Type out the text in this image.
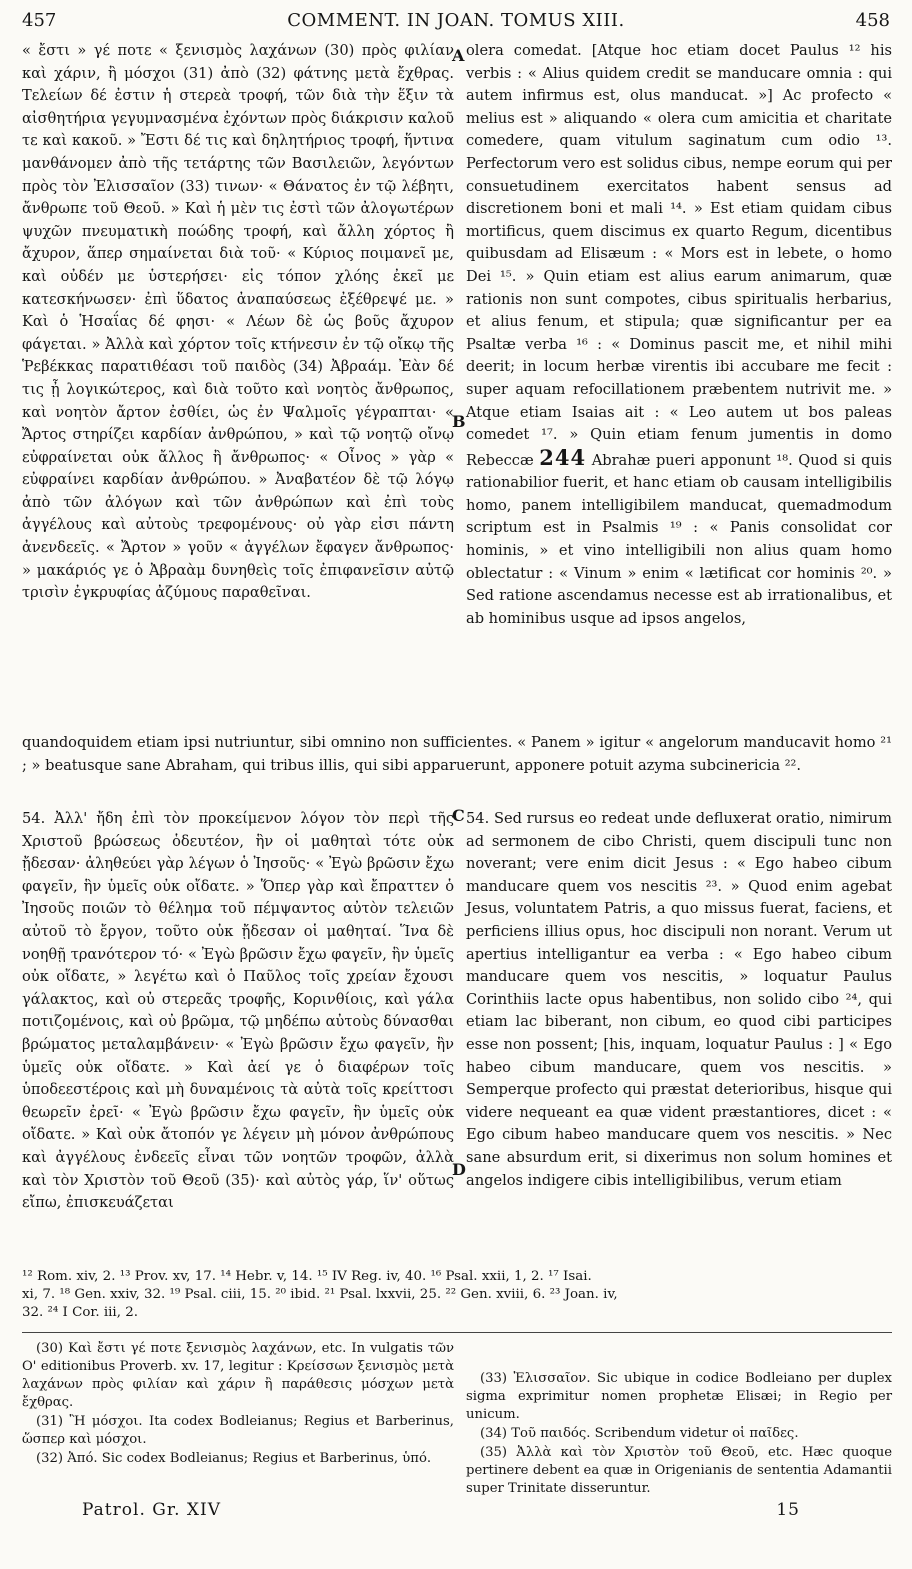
457	COMMENT. IN JOAN. TOMUS XIII.	458

« ἔστι » γέ ποτε « ξενισμὸς λαχάνων (30) πρὸς φιλίαν καὶ χάριν, ἢ μόσχοι (31) ἀπὸ (32) φάτνης μετὰ ἔχθρας. Τελείων δέ ἐστιν ἡ στερεὰ τροφή, τῶν διὰ τὴν ἕξιν τὰ αἰσθητήρια γεγυμνασμένα ἐχόντων πρὸς διάκρισιν καλοῦ τε καὶ κακοῦ. » Ἔστι δέ τις καὶ δηλητήριος τροφή, ἥντινα μανθάνομεν ἀπὸ τῆς τετάρτης τῶν Βασιλειῶν, λεγόντων πρὸς τὸν Ἐλισσαῖον (33) τινων· « Θάνατος ἐν τῷ λέβητι, ἄνθρωπε τοῦ Θεοῦ. » Καὶ ἡ μὲν τις ἐστὶ τῶν ἀλογωτέρων ψυχῶν πνευματικὴ ποώδης τροφή, καὶ ἄλλη χόρτος ἢ ἄχυρον, ἅπερ σημαίνεται διὰ τοῦ· « Κύριος ποιμανεῖ με, καὶ οὐδέν με ὑστερήσει· εἰς τόπον χλόης ἐκεῖ με κατεσκήνωσεν· ἐπὶ ὕδατος ἀναπαύσεως ἐξέθρεψέ με. » Καὶ ὁ Ἡσαΐας δέ φησι· « Λέων δὲ ὡς βοῦς ἄχυρον φάγεται. » Ἀλλὰ καὶ χόρτον τοῖς κτήνεσιν ἐν τῷ οἴκῳ τῆς Ῥεβέκκας παρατιθέασι τοῦ παιδὸς (34) Ἀβραάμ. Ἐὰν δέ τις ᾖ λογικώτερος, καὶ διὰ τοῦτο καὶ νοητὸς ἄνθρωπος, καὶ νοητὸν ἄρτον ἐσθίει, ὡς ἐν Ψαλμοῖς γέγραπται· « Ἄρτος στηρίζει καρδίαν ἀνθρώπου, » καὶ τῷ νοητῷ οἴνῳ εὐφραίνεται οὐκ ἄλλος ἢ ἄνθρωπος· « Οἶνος » γὰρ « εὐφραίνει καρδίαν ἀνθρώπου. » Ἀναβατέον δὲ τῷ λόγῳ ἀπὸ τῶν ἀλόγων καὶ τῶν ἀνθρώπων καὶ ἐπὶ τοὺς ἀγγέλους καὶ αὐτοὺς τρεφομένους· οὐ γὰρ εἰσι πάντη ἀνενδεεῖς. « Ἄρτον » γοῦν « ἀγγέλων ἔφαγεν ἄνθρωπος· » μακάριός γε ὁ Ἀβραὰμ δυνηθεὶς τοῖς ἐπιφανεῖσιν αὐτῷ τρισὶν ἐγκρυφίας ἀζύμους παραθεῖναι.

A
B

olera comedat. [Atque hoc etiam docet Paulus ¹² his verbis : « Alius quidem credit se manducare omnia : qui autem infirmus est, olus manducat. »] Ac profecto « melius est » aliquando « olera cum amicitia et charitate comedere, quam vitulum saginatum cum odio ¹³. Perfectorum vero est solidus cibus, nempe eorum qui per consuetudinem exercitatos habent sensus ad discretionem boni et mali ¹⁴. » Est etiam quidam cibus mortificus, quem discimus ex quarto Regum, dicentibus quibusdam ad Elisæum : « Mors est in lebete, o homo Dei ¹⁵. » Quin etiam est alius earum animarum, quæ rationis non sunt compotes, cibus spiritualis herbarius, et alius fenum, et stipula; quæ significantur per ea Psaltæ verba ¹⁶ : « Dominus pascit me, et nihil mihi deerit; in locum herbæ virentis ibi accubare me fecit : super aquam refocillationem præbentem nutrivit me. » Atque etiam Isaias ait : « Leo autem ut bos paleas comedet ¹⁷. » Quin etiam fenum jumentis in domo Rebeccæ 244 Abrahæ pueri apponunt ¹⁸. Quod si quis rationabilior fuerit, et hanc etiam ob causam intelligibilis homo, panem intelligibilem manducat, quemadmodum scriptum est in Psalmis ¹⁹ : « Panis consolidat cor hominis, » et vino intelligibili non alius quam homo oblectatur : « Vinum » enim « lætificat cor hominis ²⁰. » Sed ratione ascendamus necesse est ab irrationalibus, et ab hominibus usque ad ipsos angelos,

quandoquidem etiam ipsi nutriuntur, sibi omnino non sufficientes. « Panem » igitur « angelorum manducavit homo ²¹ ; » beatusque sane Abraham, qui tribus illis, qui sibi apparuerunt, apponere potuit azyma subcinericia ²².

C
D

54. Ἀλλ' ἤδη ἐπὶ τὸν προκείμενον λόγον τὸν περὶ τῆς Χριστοῦ βρώσεως ὁδευτέον, ἣν οἱ μαθηταὶ τότε οὐκ ᾔδεσαν· ἀληθεύει γὰρ λέγων ὁ Ἰησοῦς· « Ἐγὼ βρῶσιν ἔχω φαγεῖν, ἣν ὑμεῖς οὐκ οἴδατε. » Ὅπερ γὰρ καὶ ἔπραττεν ὁ Ἰησοῦς ποιῶν τὸ θέλημα τοῦ πέμψαντος αὐτὸν τελειῶν αὐτοῦ τὸ ἔργον, τοῦτο οὐκ ᾔδεσαν οἱ μαθηταί. Ἵνα δὲ νοηθῇ τρανότερον τό· « Ἐγὼ βρῶσιν ἔχω φαγεῖν, ἣν ὑμεῖς οὐκ οἴδατε, » λεγέτω καὶ ὁ Παῦλος τοῖς χρείαν ἔχουσι γάλακτος, καὶ οὐ στερεᾶς τροφῆς, Κορινθίοις, καὶ γάλα ποτιζομένοις, καὶ οὐ βρῶμα, τῷ μηδέπω αὐτοὺς δύνασθαι βρώματος μεταλαμβάνειν· « Ἐγὼ βρῶσιν ἔχω φαγεῖν, ἣν ὑμεῖς οὐκ οἴδατε. » Καὶ ἀεί γε ὁ διαφέρων τοῖς ὑποδεεστέροις καὶ μὴ δυναμένοις τὰ αὐτὰ τοῖς κρείττοσι θεωρεῖν ἐρεῖ· « Ἐγὼ βρῶσιν ἔχω φαγεῖν, ἣν ὑμεῖς οὐκ οἴδατε. » Καὶ οὐκ ἄτοπόν γε λέγειν μὴ μόνον ἀνθρώπους καὶ ἀγγέλους ἐνδεεῖς εἶναι τῶν νοητῶν τροφῶν, ἀλλὰ καὶ τὸν Χριστὸν τοῦ Θεοῦ (35)· καὶ αὐτὸς γάρ, ἵν' οὕτως εἴπω, ἐπισκευάζεται

54. Sed rursus eo redeat unde defluxerat oratio, nimirum ad sermonem de cibo Christi, quem discipuli tunc non noverant; vere enim dicit Jesus : « Ego habeo cibum manducare quem vos nescitis ²³. » Quod enim agebat Jesus, voluntatem Patris, a quo missus fuerat, faciens, et perficiens illius opus, hoc discipuli non norant. Verum ut apertius intelligantur ea verba : « Ego habeo cibum manducare quem vos nescitis, » loquatur Paulus Corinthiis lacte opus habentibus, non solido cibo ²⁴, qui etiam lac biberant, non cibum, eo quod cibi participes esse non possent; [his, inquam, loquatur Paulus : ] « Ego habeo cibum manducare, quem vos nescitis. » Semperque profecto qui præstat deterioribus, hisque qui videre nequeant ea quæ vident præstantiores, dicet : « Ego cibum habeo manducare quem vos nescitis. » Nec sane absurdum erit, si dixerimus non solum homines et angelos indigere cibis intelligibilibus, verum etiam

¹² Rom. xiv, 2. ¹³ Prov. xv, 17. ¹⁴ Hebr. v, 14. ¹⁵ IV Reg. iv, 40. ¹⁶ Psal. xxii, 1, 2. ¹⁷ Isai.
xi, 7. ¹⁸ Gen. xxiv, 32. ¹⁹ Psal. ciii, 15. ²⁰ ibid. ²¹ Psal. lxxvii, 25. ²² Gen. xviii, 6. ²³ Joan. iv,
32. ²⁴ I Cor. iii, 2.

(30) Καὶ ἔστι γέ ποτε ξενισμὸς λαχάνων, etc. In vulgatis τῶν Ο' editionibus Proverb. xv. 17, legitur : Κρείσσων ξενισμὸς μετὰ λαχάνων πρὸς φιλίαν καὶ χάριν ἢ παράθεσις μόσχων μετὰ ἔχθρας.

(31) Ἢ μόσχοι. Ita codex Bodleianus; Regius et Barberinus, ὥσπερ καὶ μόσχοι.

(32) Ἀπό. Sic codex Bodleianus; Regius et Barberinus, ὑπό.

(33) Ἐλισσαῖον. Sic ubique in codice Bodleiano per duplex sigma exprimitur nomen prophetæ Elisæi; in Regio per unicum.

(34) Τοῦ παιδός. Scribendum videtur οἱ παῖδες.

(35) Ἀλλὰ καὶ τὸν Χριστὸν τοῦ Θεοῦ, etc. Hæc quoque pertinere debent ea quæ in Origenianis de sententia Adamantii super Trinitate disseruntur.

Patrol. Gr. XIV	15
